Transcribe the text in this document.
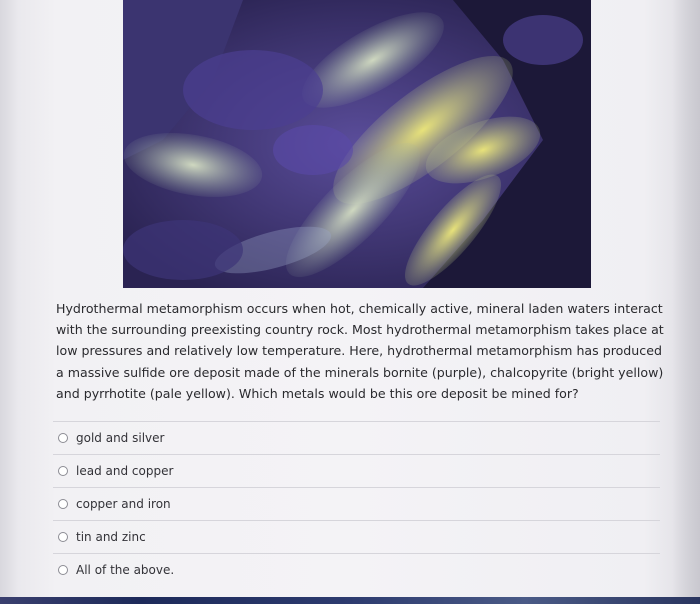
Hydrothermal metamorphism occurs when hot, chemically active, mineral laden waters interact with the surrounding preexisting country rock. Most hydrothermal metamorphism takes place at low pressures and relatively low temperature. Here, hydrothermal metamorphism has produced a massive sulfide ore deposit made of the minerals bornite (purple), chalcopyrite (bright yellow) and pyrrhotite (pale yellow). Which metals would be this ore deposit be mined for?

gold and silver
lead and copper
copper and iron
tin and zinc
All of the above.
